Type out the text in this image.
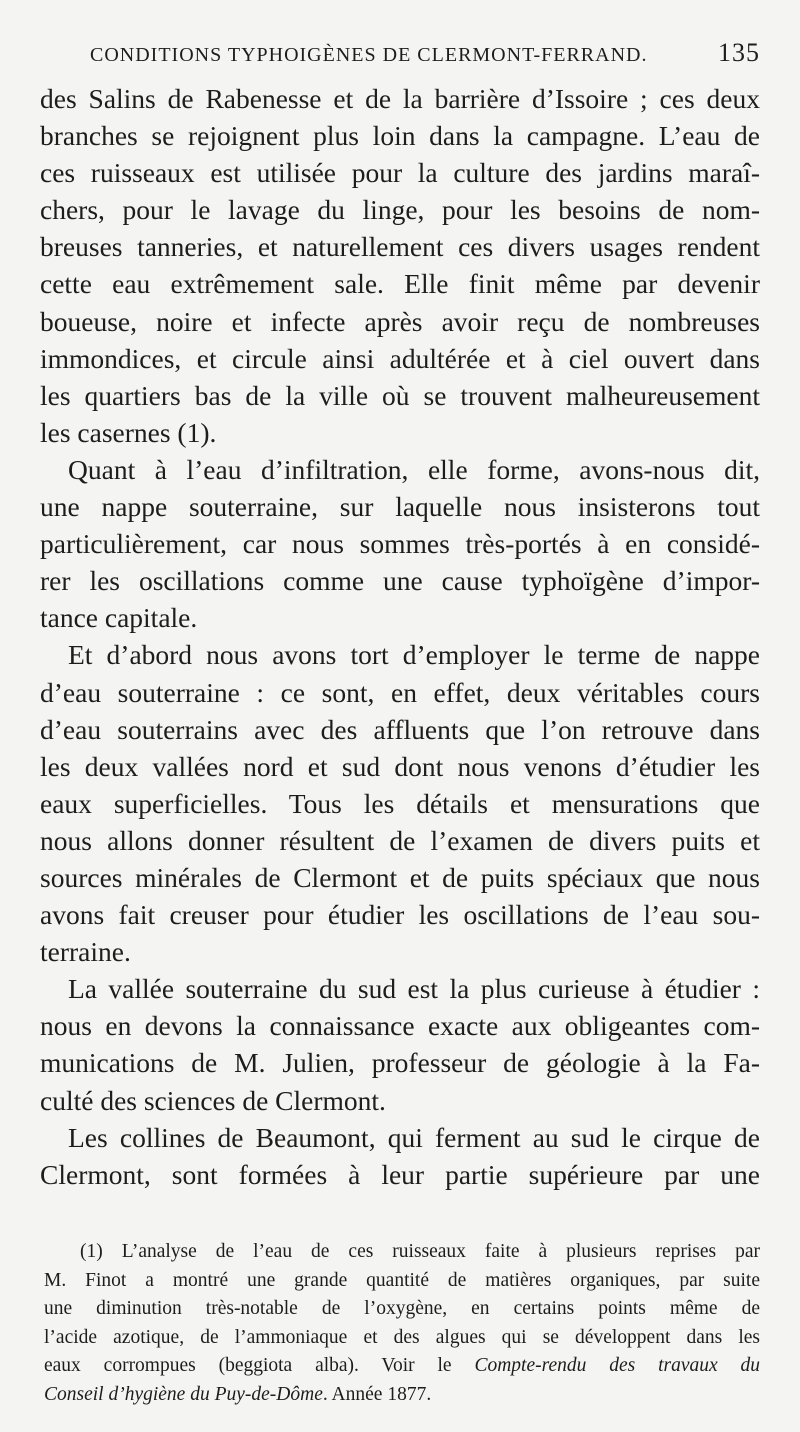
CONDITIONS TYPHOIGÈNES DE CLERMONT-FERRAND.	135
des Salins de Rabenesse et de la barrière d’Issoire ; ces deux
branches se rejoignent plus loin dans la campagne. L’eau de
ces ruisseaux est utilisée pour la culture des jardins maraî-
chers, pour le lavage du linge, pour les besoins de nom-
breuses tanneries, et naturellement ces divers usages rendent
cette eau extrêmement sale. Elle finit même par devenir
boueuse, noire et infecte après avoir reçu de nombreuses
immondices, et circule ainsi adultérée et à ciel ouvert dans
les quartiers bas de la ville où se trouvent malheureusement
les casernes (1).
Quant à l’eau d’infiltration, elle forme, avons-nous dit,
une nappe souterraine, sur laquelle nous insisterons tout
particulièrement, car nous sommes très-portés à en considé-
rer les oscillations comme une cause typhoïgène d’impor-
tance capitale.
Et d’abord nous avons tort d’employer le terme de nappe
d’eau souterraine : ce sont, en effet, deux véritables cours
d’eau souterrains avec des affluents que l’on retrouve dans
les deux vallées nord et sud dont nous venons d’étudier les
eaux superficielles. Tous les détails et mensurations que
nous allons donner résultent de l’examen de divers puits et
sources minérales de Clermont et de puits spéciaux que nous
avons fait creuser pour étudier les oscillations de l’eau sou-
terraine.
La vallée souterraine du sud est la plus curieuse à étudier :
nous en devons la connaissance exacte aux obligeantes com-
munications de M. Julien, professeur de géologie à la Fa-
culté des sciences de Clermont.
Les collines de Beaumont, qui ferment au sud le cirque de
Clermont, sont formées à leur partie supérieure par une
(1) L’analyse de l’eau de ces ruisseaux faite à plusieurs reprises par
M. Finot a montré une grande quantité de matières organiques, par suite
une diminution très-notable de l’oxygène, en certains points même de
l’acide azotique, de l’ammoniaque et des algues qui se développent dans les
eaux corrompues (beggiota alba). Voir le Compte-rendu des travaux du
Conseil d’hygiène du Puy-de-Dôme. Année 1877.
